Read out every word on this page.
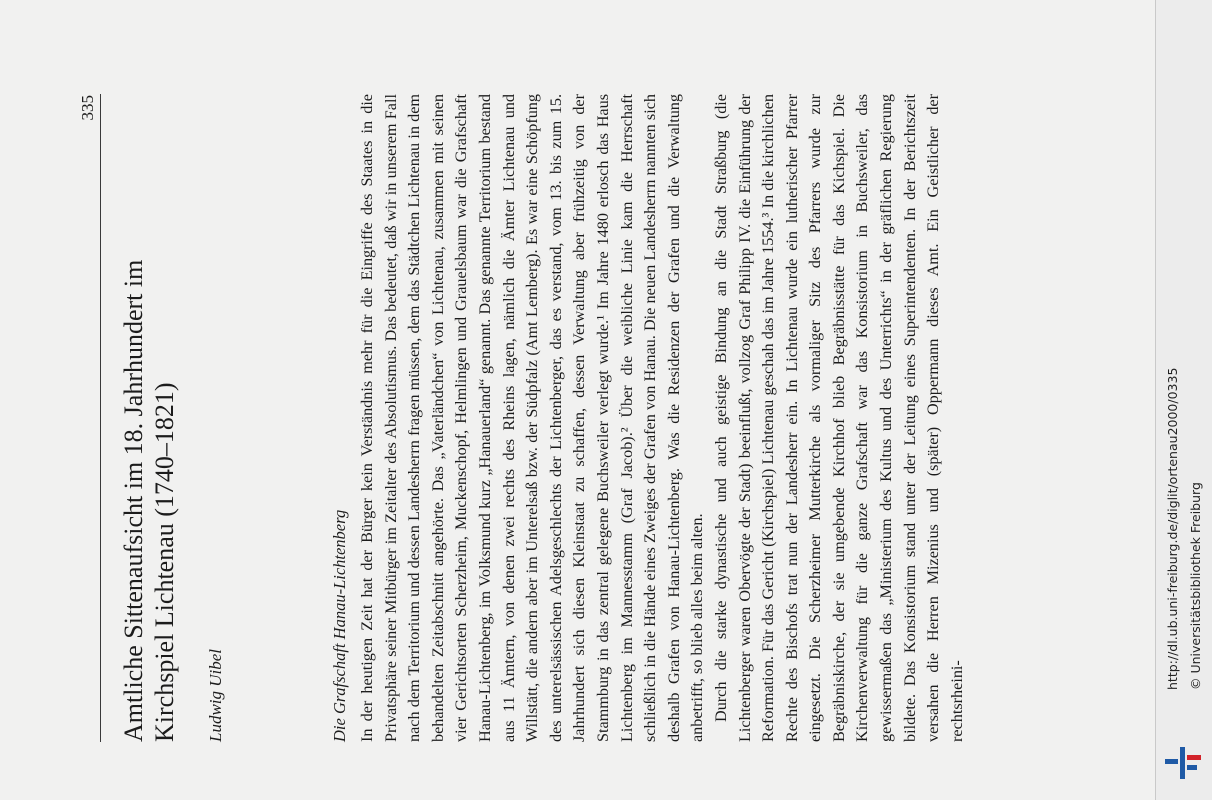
335
Amtliche Sittenaufsicht im 18. Jahrhundert im
Kirchspiel Lichtenau (1740–1821) Ludwig Uibel	Die Grafschaft Hanau-Lichtenberg In der heutigen Zeit hat der Bürger kein Verständnis mehr für die Eingriffe des Staates in die Privatsphäre seiner Mitbürger im Zeitalter des Absolutismus. Das bedeutet, daß wir in unserem Fall nach dem Territorium und dessen Landesherrn fragen müssen, dem das Städtchen Lichtenau in dem behandelten Zeitabschnitt angehörte. Das „Vaterländchen“ von Lichtenau, zusammen mit seinen vier Gerichtsorten Scherzheim, Muckenschopf, Helmlingen und Grauelsbaum war die Grafschaft Hanau-Lichtenberg, im Volksmund kurz „Hanauerland“ genannt. Das genannte Territorium bestand aus 11 Ämtern, von denen zwei rechts des Rheins lagen, nämlich die Ämter Lichtenau und Willstätt, die andern aber im Unterelsaß bzw. der Südpfalz (Amt Lemberg). Es war eine Schöpfung des unterelsässischen Adelsgeschlechts der Lichtenberger, das es verstand, vom 13. bis zum 15. Jahrhundert sich diesen Kleinstaat zu schaffen, dessen Verwaltung aber frühzeitig von der Stammburg in das zentral gelegene Buchsweiler verlegt wurde.¹ Im Jahre 1480 erlosch das Haus Lichtenberg im Mannesstamm (Graf Jacob).² Über die weibliche Linie kam die Herrschaft schließlich in die Hände eines Zweiges der Grafen von Hanau. Die neuen Landesherrn nannten sich deshalb Grafen von Hanau-Lichtenberg. Was die Residenzen der Grafen und die Verwaltung anbetrifft, so blieb alles beim alten. Durch die starke dynastische und auch geistige Bindung an die Stadt Straßburg (die Lichtenberger waren Obervögte der Stadt) beeinflußt, vollzog Graf Philipp IV. die Einführung der Reformation. Für das Gericht (Kirchspiel) Lichtenau geschah das im Jahre 1554.³ In die kirchlichen Rechte des Bischofs trat nun der Landesherr ein. In Lichtenau wurde ein lutherischer Pfarrer eingesetzt. Die Scherzheimer Mutterkirche als vormaliger Sitz des Pfarrers wurde zur Begräbniskirche, der sie umgebende Kirchhof blieb Begräbnisstätte für das Kichspiel. Die Kirchenverwaltung für die ganze Grafschaft war das Konsistorium in Buchsweiler, das gewissermaßen das „Ministerium des Kultus und des Unterrichts“ in der gräflichen Regierung bildete. Das Konsistorium stand unter der Leitung eines Superintendenten. In der Berichtszeit versahen die Herren Mizenius und (später) Oppermann dieses Amt. Ein Geistlicher der rechtsrheini-

http://dl.ub.uni-freiburg.de/diglit/ortenau2000/0335 © Universitätsbibliothek Freiburg
